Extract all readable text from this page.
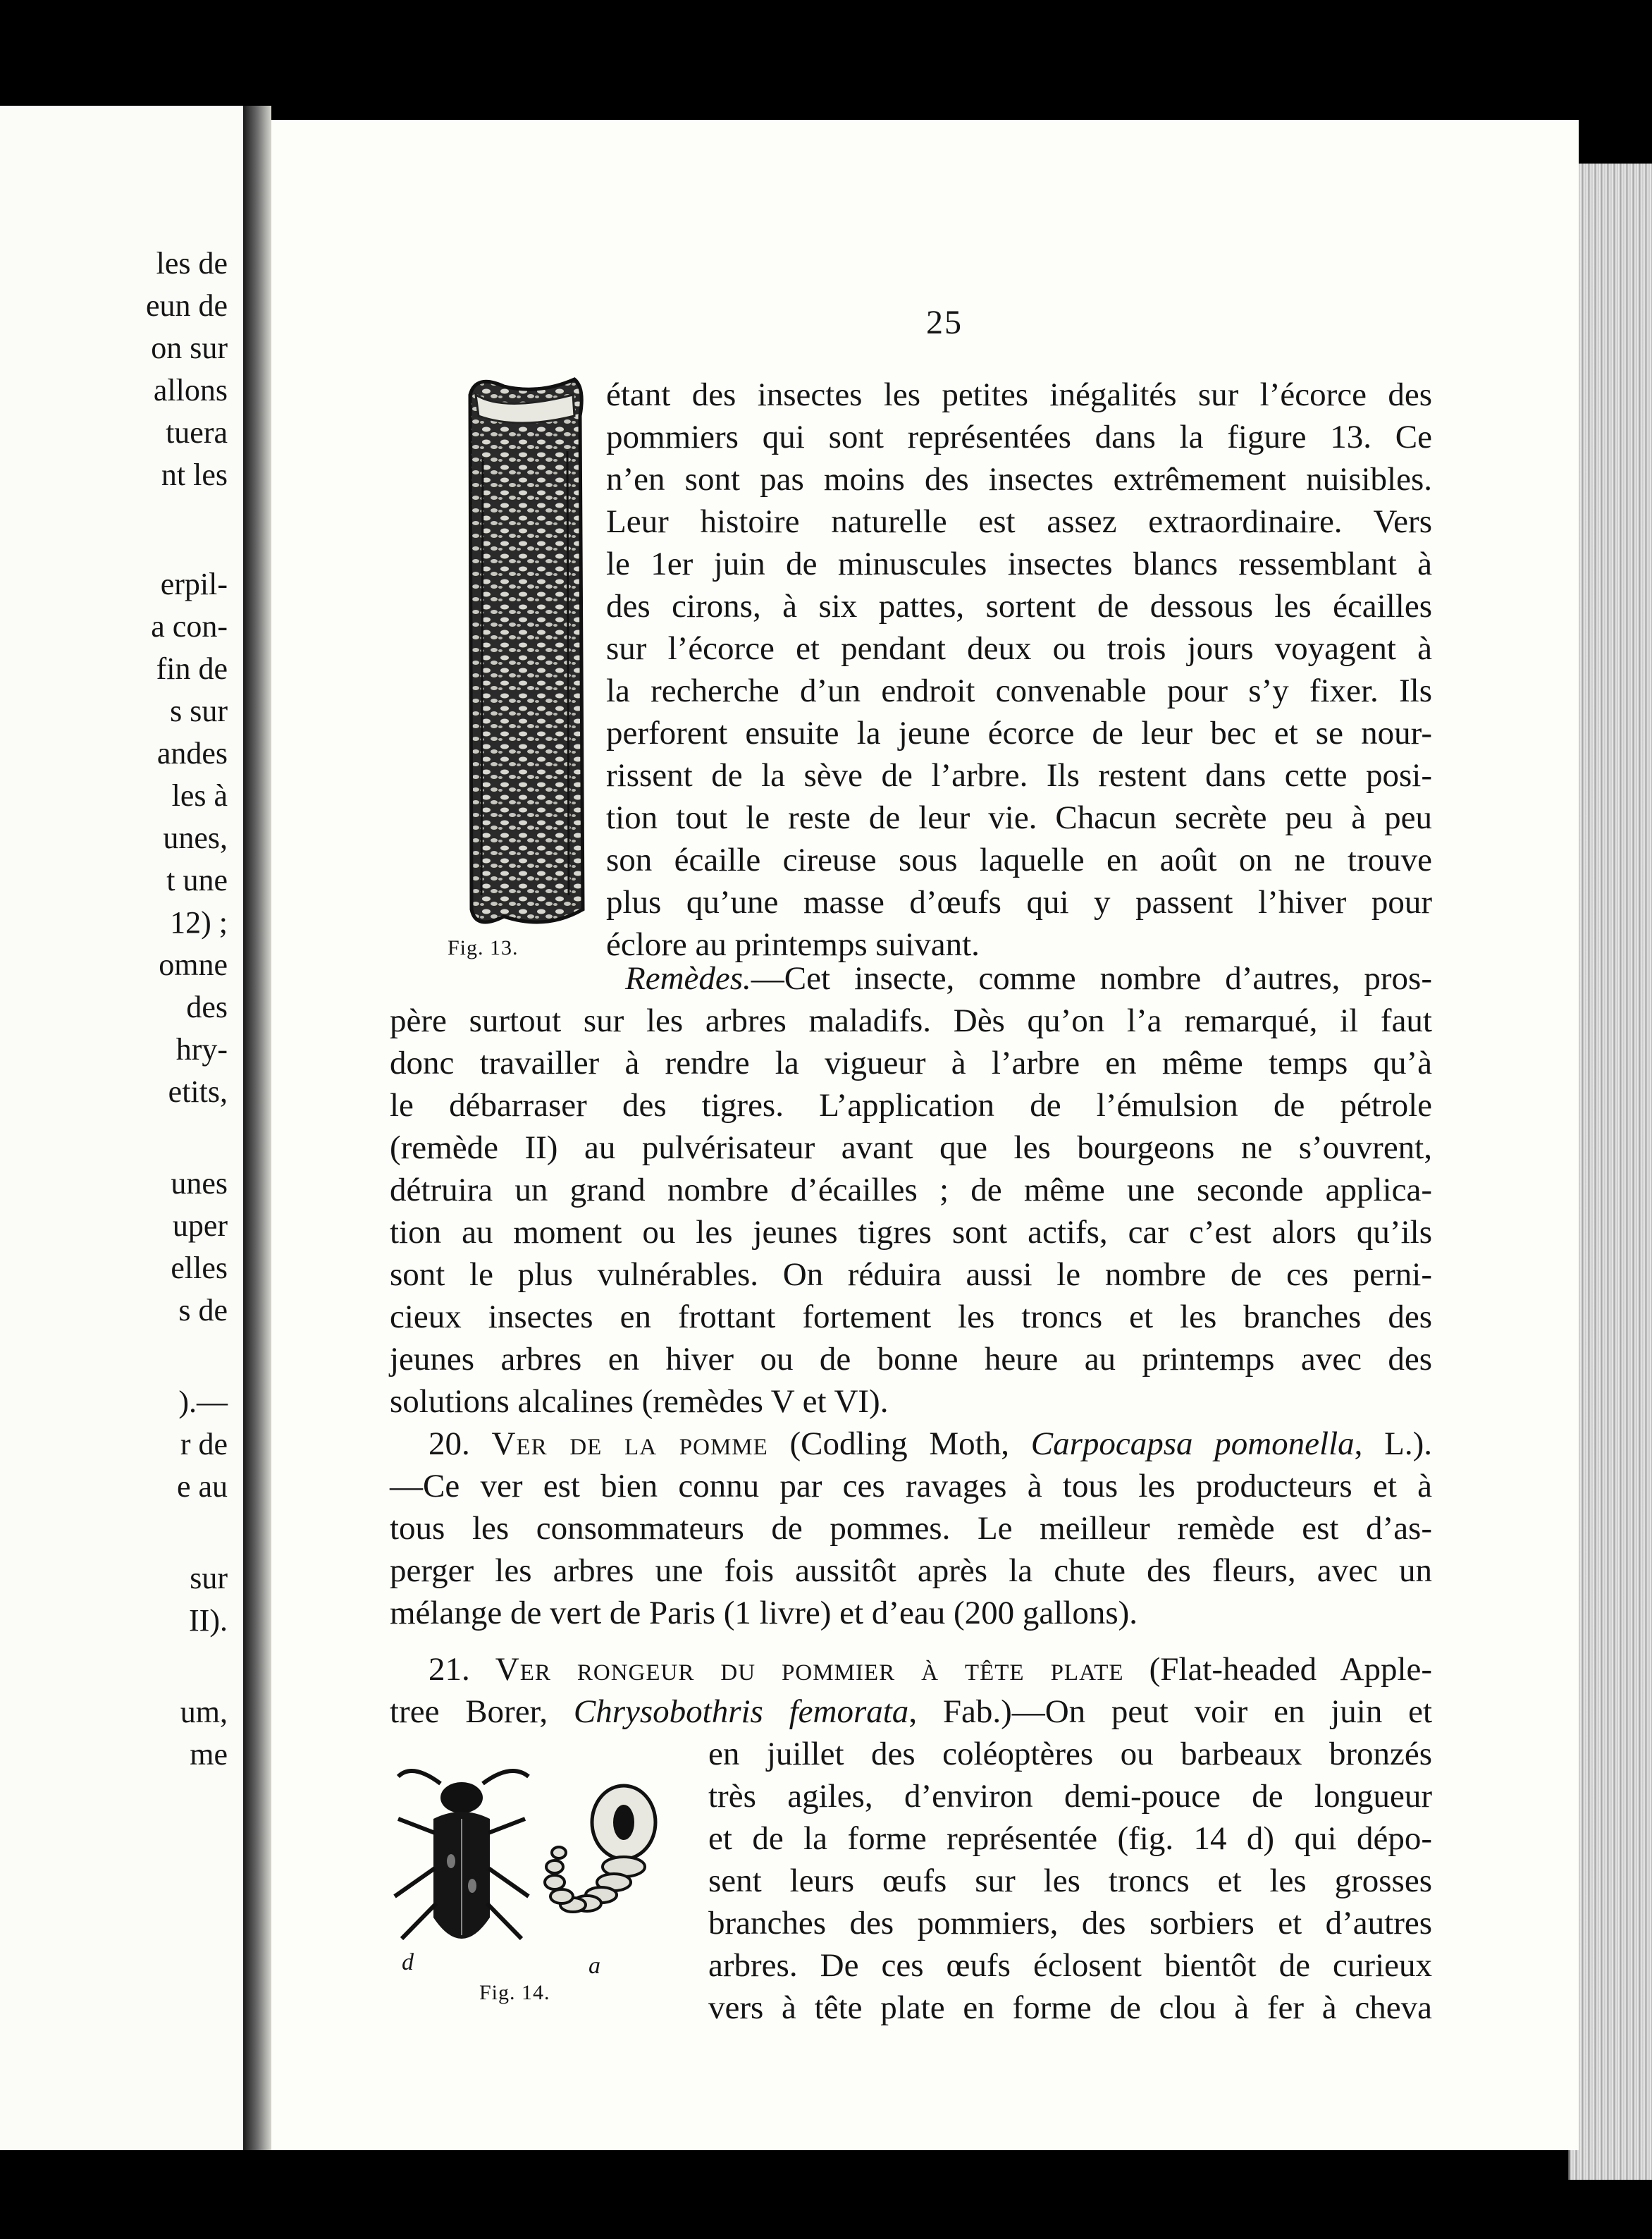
les de
eun de
on sur
allons
tuera
nt les
erpil-
a con-
fin de
s sur
andes
les à
unes,
t une
12) ;
omne
des
hry-
etits,
unes
uper
elles
s de
).—
r de
e au
sur
II).
um,
me
25
Fig. 13.
étant des insectes les petites inégalités sur l’écorce des
pommiers qui sont représentées dans la figure 13. Ce
n’en sont pas moins des insectes extrêmement nuisibles.
Leur histoire naturelle est assez extraordinaire. Vers
le 1er juin de minuscules insectes blancs ressemblant à
des cirons, à six pattes, sortent de dessous les écailles
sur l’écorce et pendant deux ou trois jours voyagent à
la recherche d’un endroit convenable pour s’y fixer. Ils
perforent ensuite la jeune écorce de leur bec et se nour-
rissent de la sève de l’arbre. Ils restent dans cette posi-
tion tout le reste de leur vie. Chacun secrète peu à peu
son écaille cireuse sous laquelle en août on ne trouve
plus qu’une masse d’œufs qui y passent l’hiver pour
éclore au printemps suivant.
Remèdes.—Cet insecte, comme nombre d’autres, pros-
père surtout sur les arbres maladifs. Dès qu’on l’a remarqué, il faut
donc travailler à rendre la vigueur à l’arbre en même temps qu’à
le débarraser des tigres. L’application de l’émulsion de pétrole
(remède II) au pulvérisateur avant que les bourgeons ne s’ouvrent,
détruira un grand nombre d’écailles ; de même une seconde applica-
tion au moment ou les jeunes tigres sont actifs, car c’est alors qu’ils
sont le plus vulnérables. On réduira aussi le nombre de ces perni-
cieux insectes en frottant fortement les troncs et les branches des
jeunes arbres en hiver ou de bonne heure au printemps avec des
solutions alcalines (remèdes V et VI).
20. Ver de la pomme (Codling Moth, Carpocapsa pomonella, L.).
—Ce ver est bien connu par ces ravages à tous les producteurs et à
tous les consommateurs de pommes. Le meilleur remède est d’as-
perger les arbres une fois aussitôt après la chute des fleurs, avec un
mélange de vert de Paris (1 livre) et d’eau (200 gallons).
21. Ver rongeur du pommier à tête plate (Flat-headed Apple-
tree Borer, Chrysobothris femorata, Fab.)—On peut voir en juin et
en juillet des coléoptères ou barbeaux bronzés
très agiles, d’environ demi-pouce de longueur
et de la forme représentée (fig. 14 d) qui dépo-
sent leurs œufs sur les troncs et les grosses
branches des pommiers, des sorbiers et d’autres
arbres. De ces œufs éclosent bientôt de curieux
vers à tête plate en forme de clou à fer à cheva
d	a
Fig. 14.
